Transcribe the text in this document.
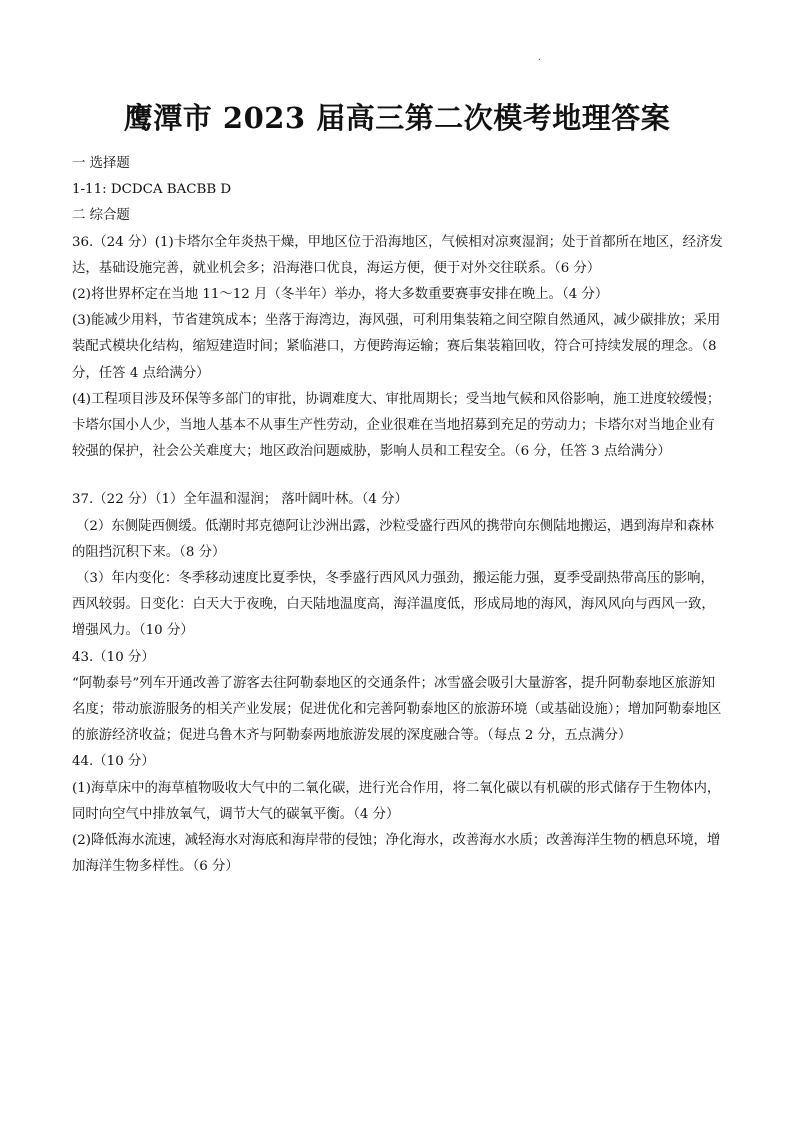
.
鹰潭市 2023 届高三第二次模考地理答案

一 选择题

1-11: DCDCA BACBB D

二 综合题

36.（24 分）(1)卡塔尔全年炎热干燥，甲地区位于沿海地区，气候相对凉爽湿润；处于首都所在地区，经济发达，基础设施完善，就业机会多；沿海港口优良，海运方便，便于对外交往联系。（6 分）

(2)将世界杯定在当地 11～12 月（冬半年）举办，将大多数重要赛事安排在晚上。（4 分）

(3)能减少用料，节省建筑成本；坐落于海湾边，海风强，可利用集装箱之间空隙自然通风，减少碳排放；采用装配式模块化结构，缩短建造时间；紧临港口，方便跨海运输；赛后集装箱回收，符合可持续发展的理念。（8 分，任答 4 点给满分）

(4)工程项目涉及环保等多部门的审批，协调难度大、审批周期长；受当地气候和风俗影响，施工进度较缓慢；卡塔尔国小人少，当地人基本不从事生产性劳动，企业很难在当地招募到充足的劳动力；卡塔尔对当地企业有较强的保护，社会公关难度大；地区政治问题威胁，影响人员和工程安全。（6 分，任答 3 点给满分）

37.（22 分）（1）全年温和湿润； 落叶阔叶林。（4 分）

（2）东侧陡西侧缓。低潮时邦克德阿让沙洲出露，沙粒受盛行西风的携带向东侧陆地搬运，遇到海岸和森林的阻挡沉积下来。（8 分）

（3）年内变化：冬季移动速度比夏季快，冬季盛行西风风力强劲，搬运能力强，夏季受副热带高压的影响，西风较弱。日变化：白天大于夜晚，白天陆地温度高，海洋温度低，形成局地的海风，海风风向与西风一致，增强风力。（10 分）

43.（10 分）

“阿勒泰号”列车开通改善了游客去往阿勒泰地区的交通条件；冰雪盛会吸引大量游客，提升阿勒泰地区旅游知名度；带动旅游服务的相关产业发展；促进优化和完善阿勒泰地区的旅游环境（或基础设施）；增加阿勒泰地区的旅游经济收益；促进乌鲁木齐与阿勒泰两地旅游发展的深度融合等。（每点 2 分，五点满分）

44.（10 分）

(1)海草床中的海草植物吸收大气中的二氧化碳，进行光合作用，将二氧化碳以有机碳的形式储存于生物体内，同时向空气中排放氧气，调节大气的碳氧平衡。（4 分）

(2)降低海水流速，减轻海水对海底和海岸带的侵蚀；净化海水，改善海水水质；改善海洋生物的栖息环境，增加海洋生物多样性。（6 分）
